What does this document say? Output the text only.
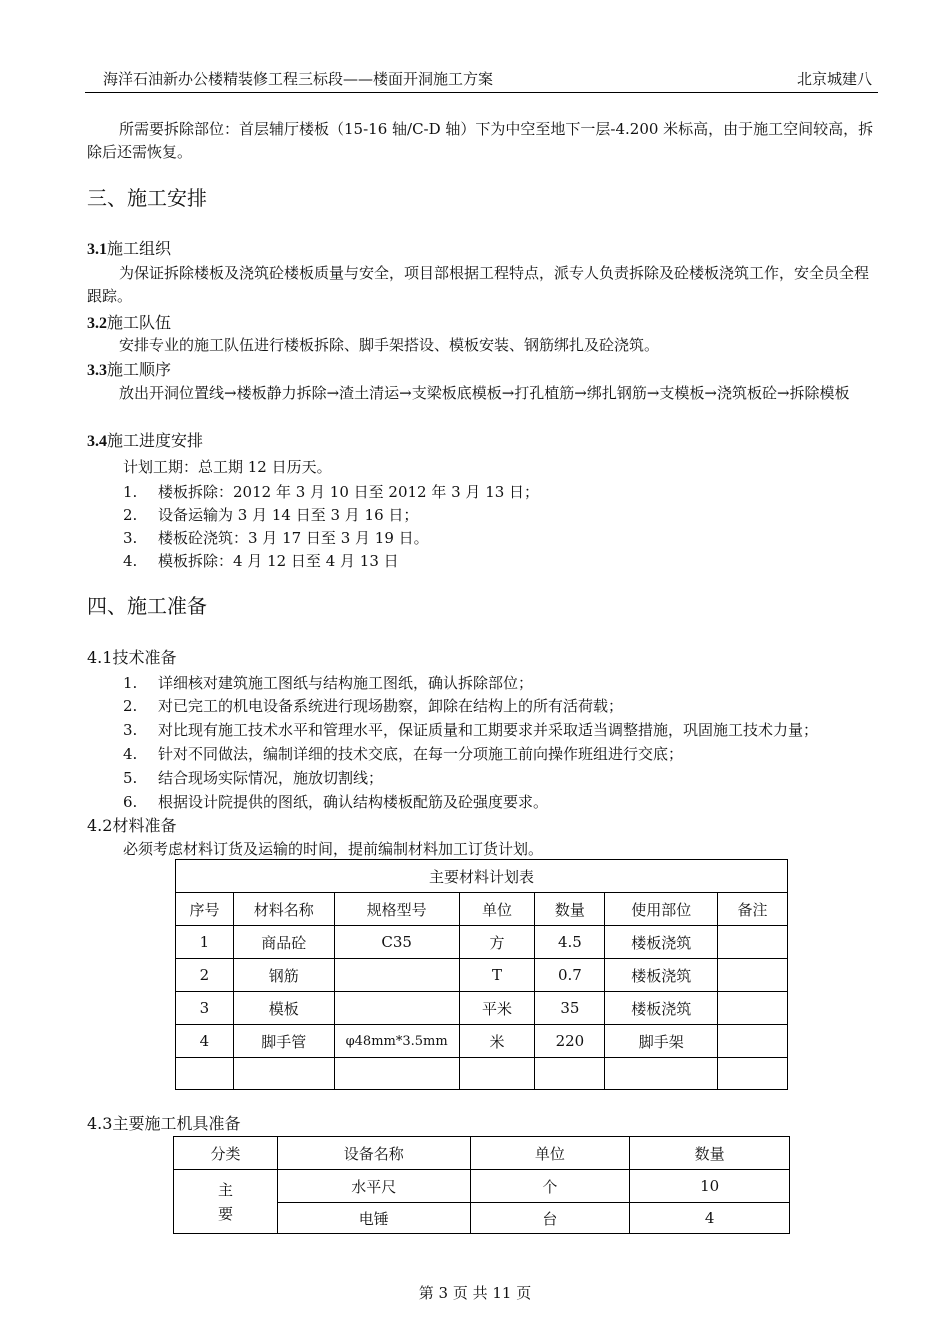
海洋石油新办公楼精装修工程三标段——楼面开洞施工方案	北京城建八
所需要拆除部位：首层辅厅楼板（15-16 轴/C-D 轴）下为中空至地下一层-4.200 米标高，由于施工空间较高，拆除后还需恢复。
三、施工安排
3.1施工组织
为保证拆除楼板及浇筑砼楼板质量与安全，项目部根据工程特点，派专人负责拆除及砼楼板浇筑工作，安全员全程跟踪。
3.2施工队伍
安排专业的施工队伍进行楼板拆除、脚手架搭设、模板安装、钢筋绑扎及砼浇筑。
3.3施工顺序
放出开洞位置线→楼板静力拆除→渣土清运→支梁板底模板→打孔植筋→绑扎钢筋→支模板→浇筑板砼→拆除模板
3.4施工进度安排
计划工期：总工期 12 日历天。
1. 楼板拆除：2012 年 3 月 10 日至 2012 年 3 月 13 日；
2. 设备运输为 3 月 14 日至 3 月 16 日；
3. 楼板砼浇筑：3 月 17 日至 3 月 19 日。
4. 模板拆除：4 月 12 日至 4 月 13 日
四、施工准备
4.1技术准备
1. 详细核对建筑施工图纸与结构施工图纸，确认拆除部位；
2. 对已完工的机电设备系统进行现场勘察，卸除在结构上的所有活荷载；
3. 对比现有施工技术水平和管理水平，保证质量和工期要求并采取适当调整措施，巩固施工技术力量；
4. 针对不同做法，编制详细的技术交底，在每一分项施工前向操作班组进行交底；
5. 结合现场实际情况，施放切割线；
6. 根据设计院提供的图纸，确认结构楼板配筋及砼强度要求。
4.2材料准备
必须考虑材料订货及运输的时间，提前编制材料加工订货计划。
主要材料计划表						
序号	材料名称	规格型号	单位	数量	使用部位	备注
1	商品砼	C35	方	4.5	楼板浇筑	
2	钢筋		T	0.7	楼板浇筑	
3	模板		平米	35	楼板浇筑	
4	脚手管	φ48mm*3.5mm	米	220	脚手架	

4.3主要施工机具准备
分类	设备名称	单位	数量
主要	水平尺	个	10
	电锤	台	4
第 3 页 共 11 页
